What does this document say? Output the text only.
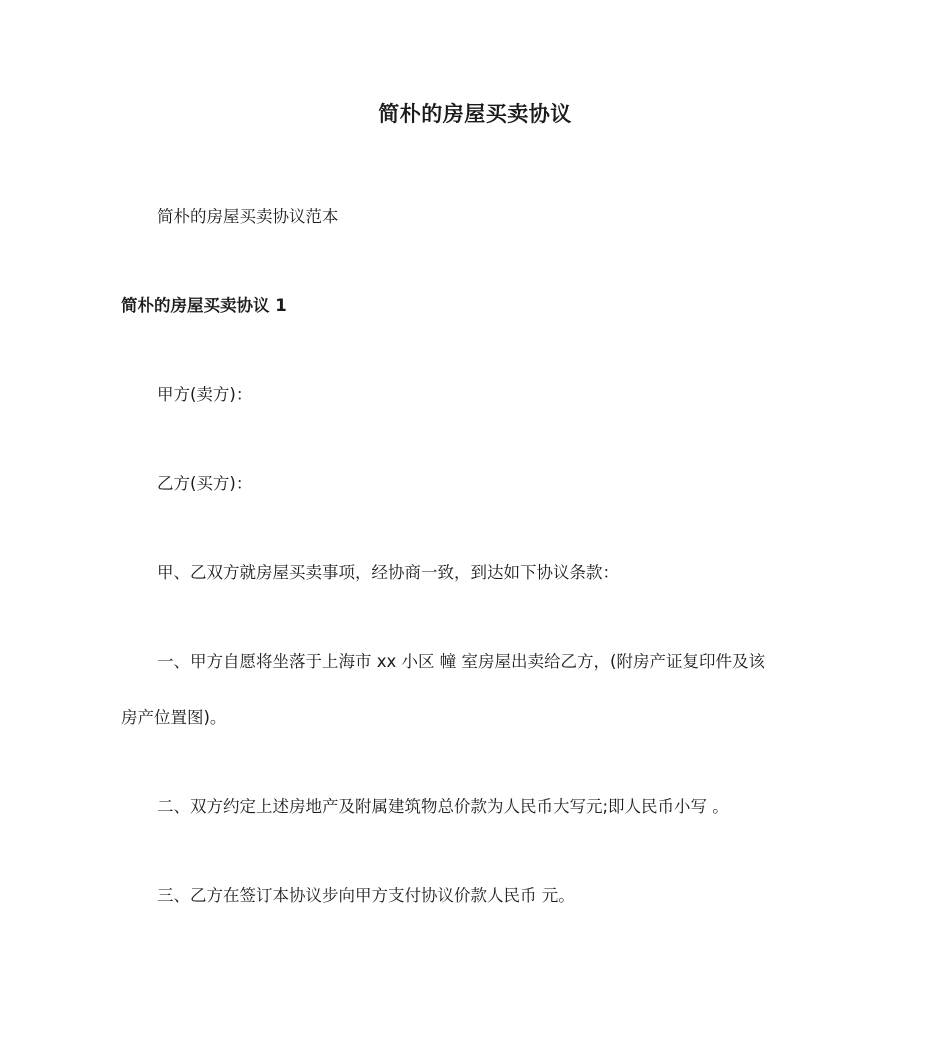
简朴的房屋买卖协议
简朴的房屋买卖协议范本
简朴的房屋买卖协议 1
甲方(卖方)：
乙方(买方)：
甲、乙双方就房屋买卖事项，经协商一致，到达如下协议条款：
一、甲方自愿将坐落于上海市 xx 小区 幢 室房屋出卖给乙方，(附房产证复印件及该
房产位置图)。
二、双方约定上述房地产及附属建筑物总价款为人民币大写元;即人民币小写 。
三、乙方在签订本协议步向甲方支付协议价款人民币 元。
